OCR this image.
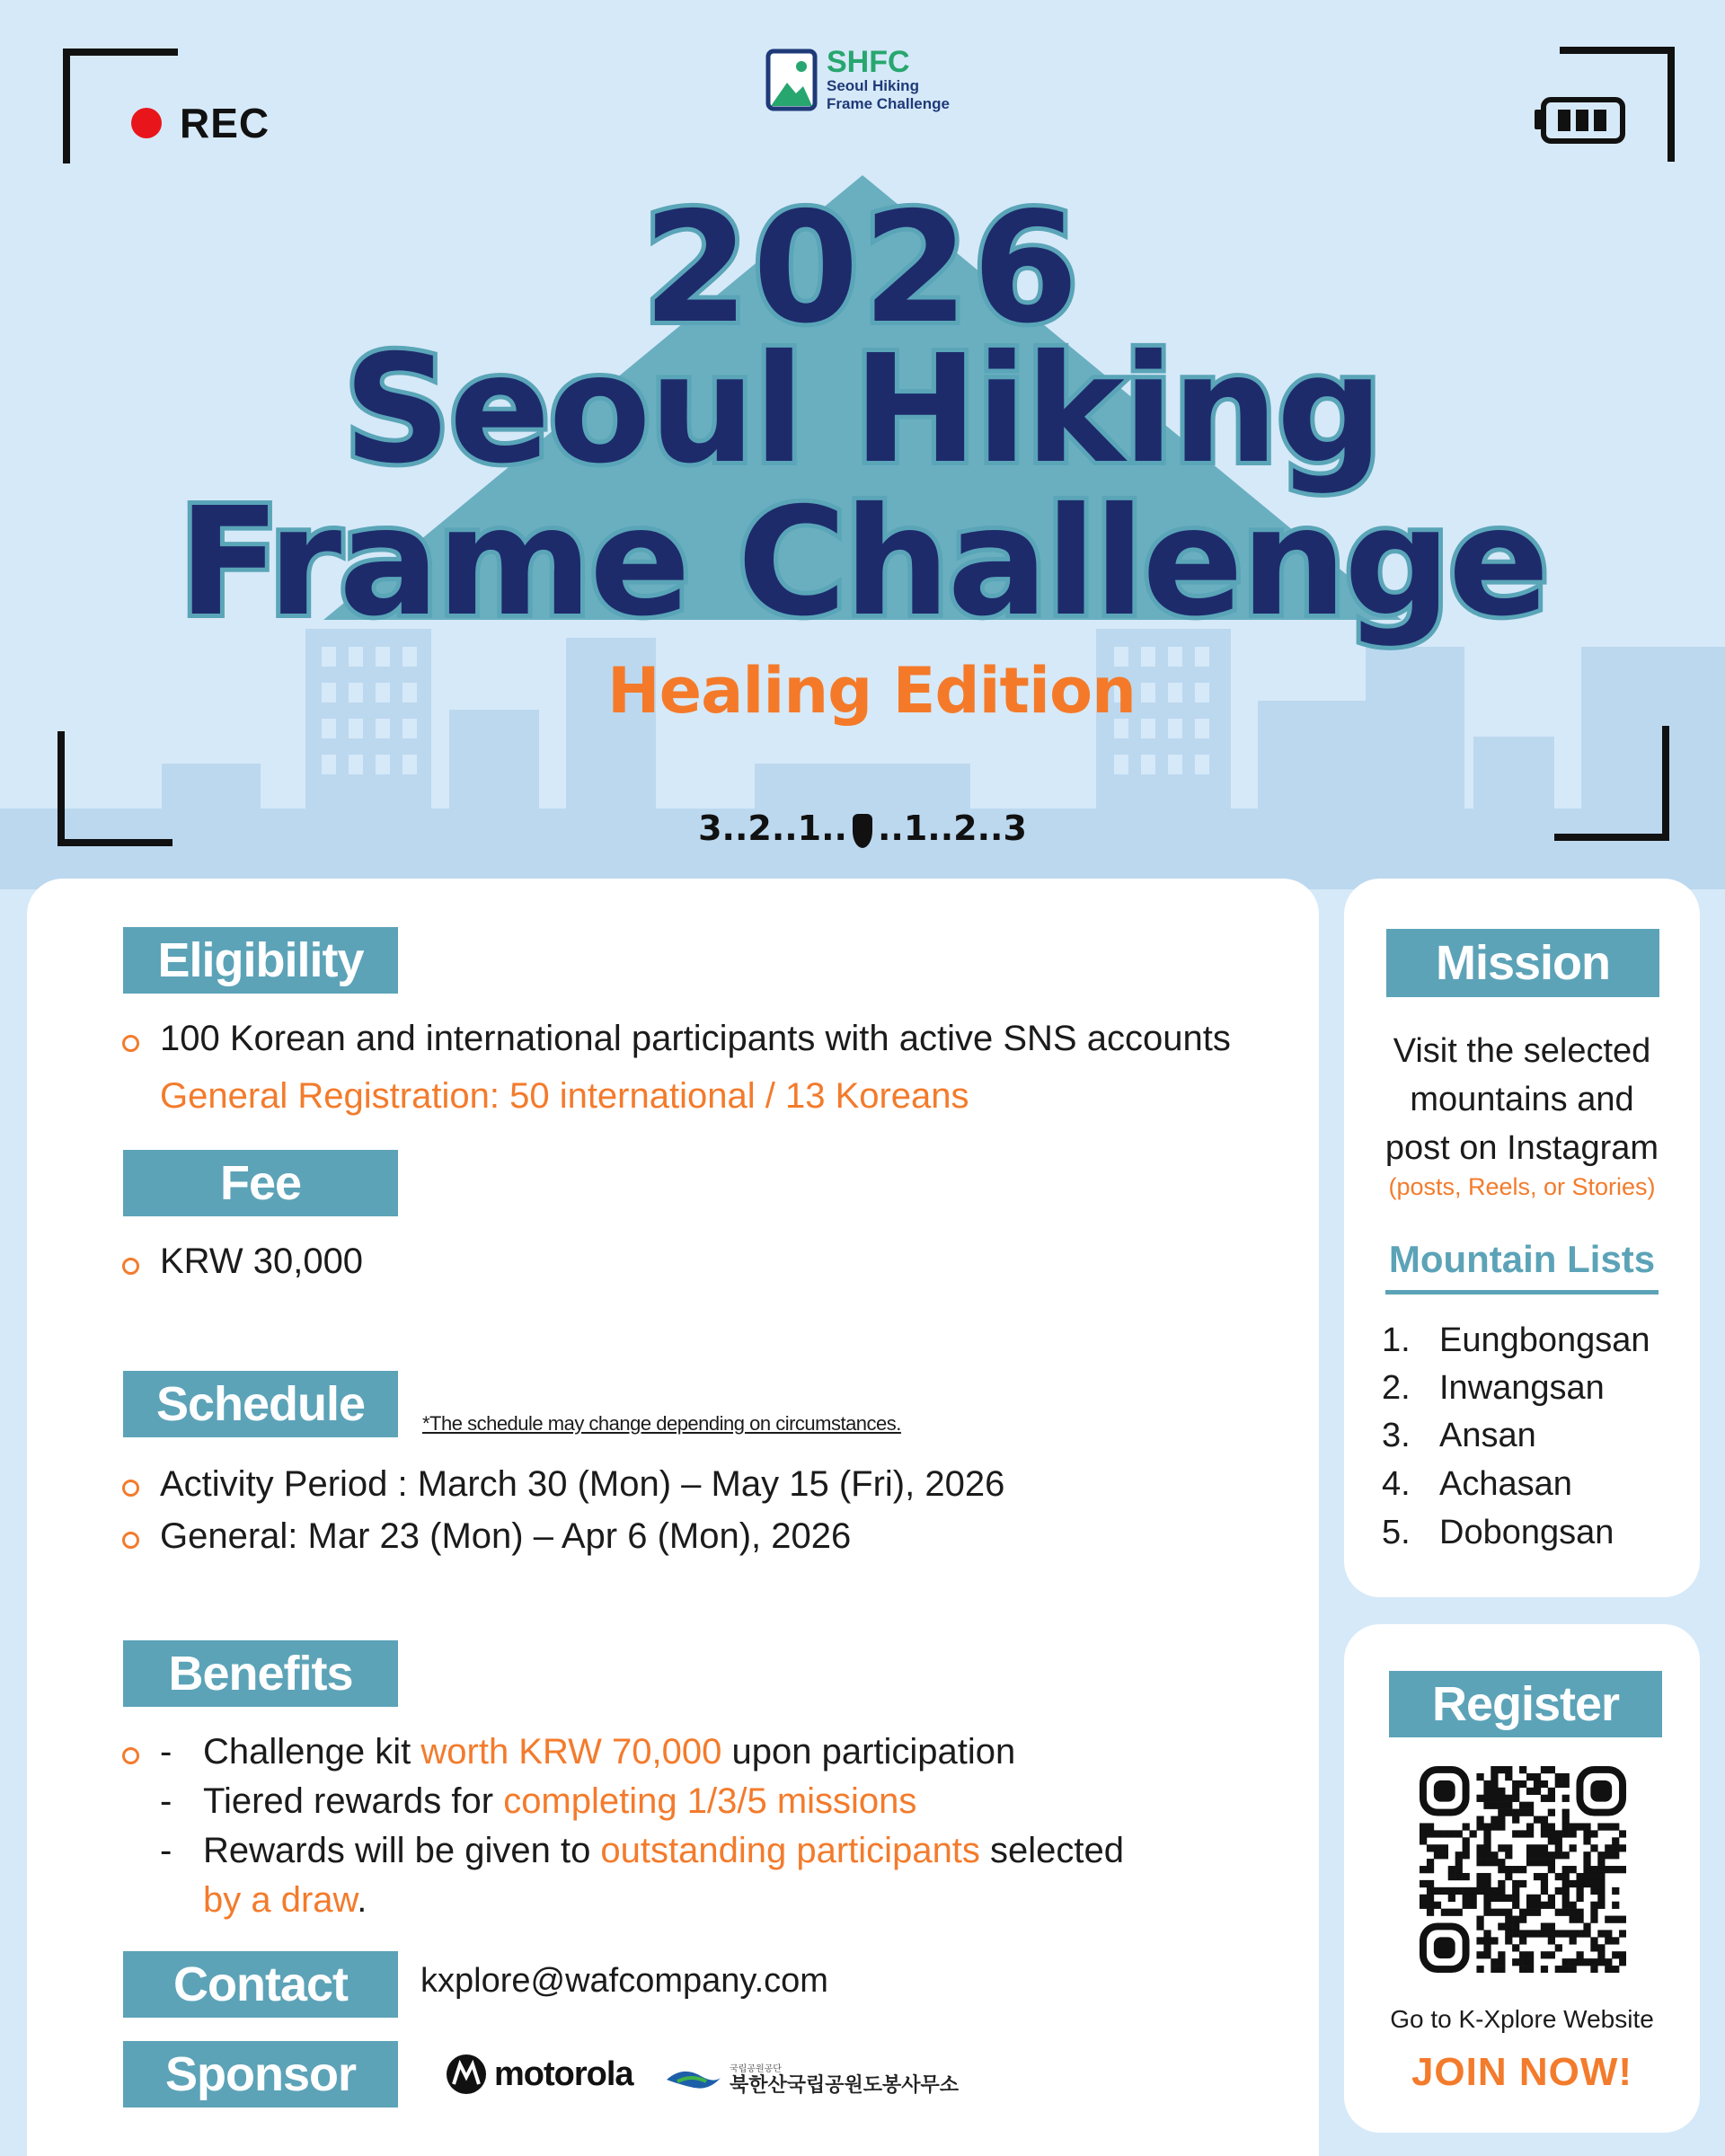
REC
SHFC
Seoul Hiking
Frame Challenge
2026
Seoul Hiking
Frame Challenge
Healing Edition
3..2..1.. ..1..2..3
Eligibility
100 Korean and international participants with active SNS accounts
General Registration: 50 international / 13 Koreans
Fee
KRW 30,000
Schedule	*The schedule may change depending on circumstances.
Activity Period : March 30 (Mon) – May 15 (Fri), 2026
General: Mar 23 (Mon) – Apr 6 (Mon), 2026
Benefits
- Challenge kit worth KRW 70,000 upon participation
- Tiered rewards for completing 1/3/5 missions
- Rewards will be given to outstanding participants selected
by a draw.
Contact	kxplore@wafcompany.com
Sponsor	motorola	국립공원공단
북한산국립공원도봉사무소
Mission
Visit the selected
mountains and
post on Instagram
(posts, Reels, or Stories)
Mountain Lists
1. Eungbongsan
2. Inwangsan
3. Ansan
4. Achasan
5. Dobongsan
Register
Go to K-Xplore Website
JOIN NOW!
